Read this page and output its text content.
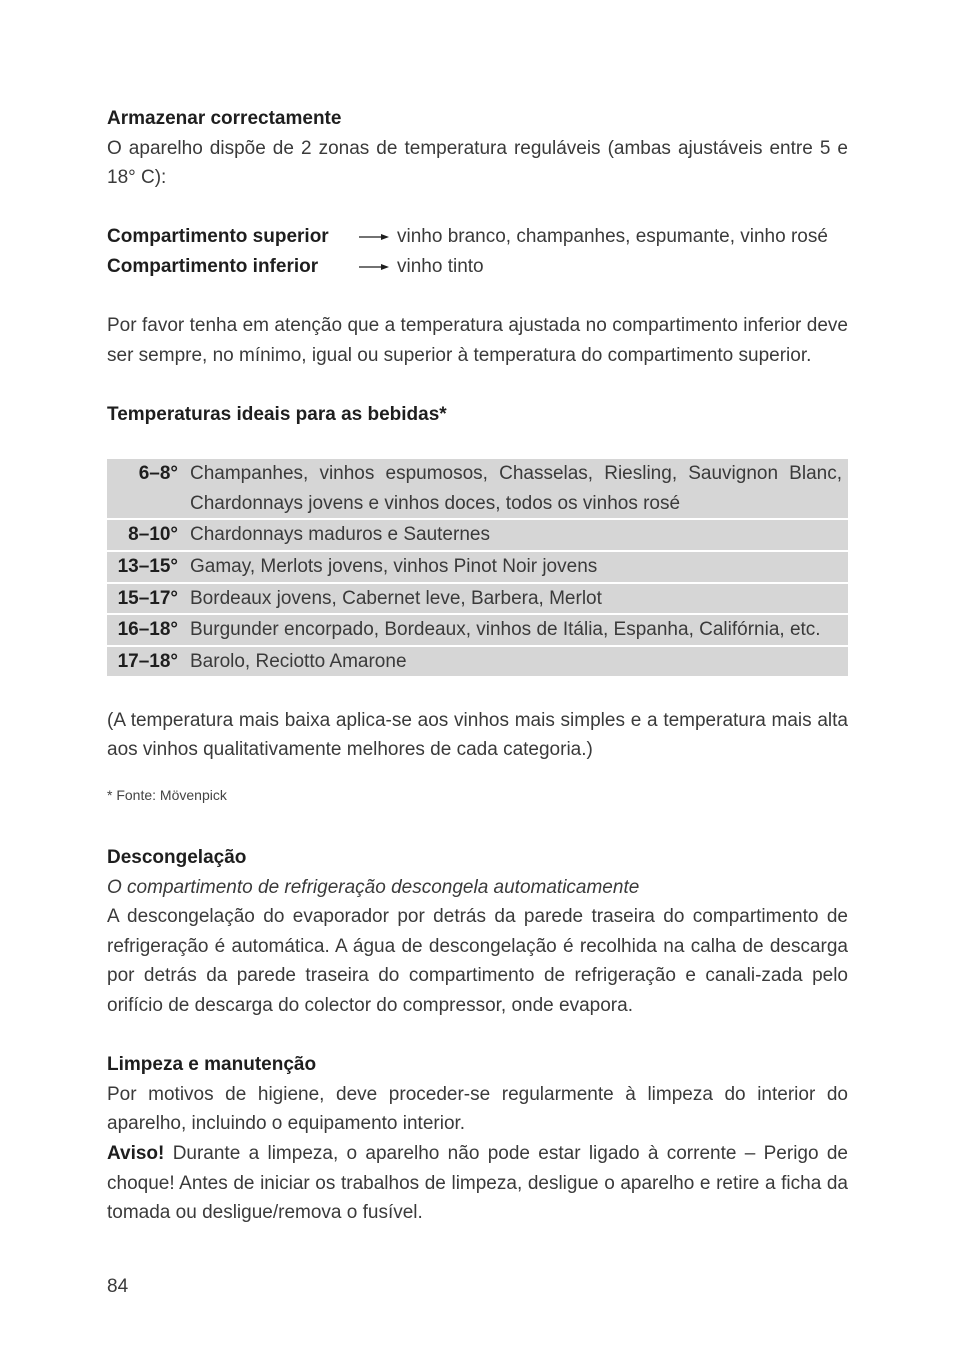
Armazenar correctamente

O aparelho dispõe de 2 zonas de temperatura reguláveis (ambas ajustáveis entre 5 e 18° C):

Compartimento superior	vinho branco, champanhes, espumante, vinho rosé
Compartimento inferior	vinho tinto

Por favor tenha em atenção que a temperatura ajustada no compartimento inferior deve ser sempre, no mínimo, igual ou superior à temperatura do compartimento superior.

Temperaturas ideais para as bebidas*

6–8°	Champanhes, vinhos espumosos, Chasselas, Riesling, Sauvignon Blanc, Chardonnays jovens e vinhos doces, todos os vinhos rosé
8–10°	Chardonnays maduros e Sauternes
13–15°	Gamay, Merlots jovens, vinhos Pinot Noir jovens
15–17°	Bordeaux jovens, Cabernet leve, Barbera, Merlot
16–18°	Burgunder encorpado, Bordeaux, vinhos de Itália, Espanha, Califórnia, etc.
17–18°	Barolo, Reciotto Amarone

(A temperatura mais baixa aplica-se aos vinhos mais simples e a temperatura mais alta aos vinhos qualitativamente melhores de cada categoria.)

* Fonte: Mövenpick

Descongelação

O compartimento de refrigeração descongela automaticamente

A descongelação do evaporador por detrás da parede traseira do compartimento de refrigeração é automática. A água de descongelação é recolhida na calha de descarga por detrás da parede traseira do compartimento de refrigeração e canali-zada pelo orifício de descarga do colector do compressor, onde evapora.

Limpeza e manutenção

Por motivos de higiene, deve proceder-se regularmente à limpeza do interior do aparelho, incluindo o equipamento interior.

Aviso! Durante a limpeza, o aparelho não pode estar ligado à corrente – Perigo de choque! Antes de iniciar os trabalhos de limpeza, desligue o aparelho e retire a ficha da tomada ou desligue/remova o fusível.

84
